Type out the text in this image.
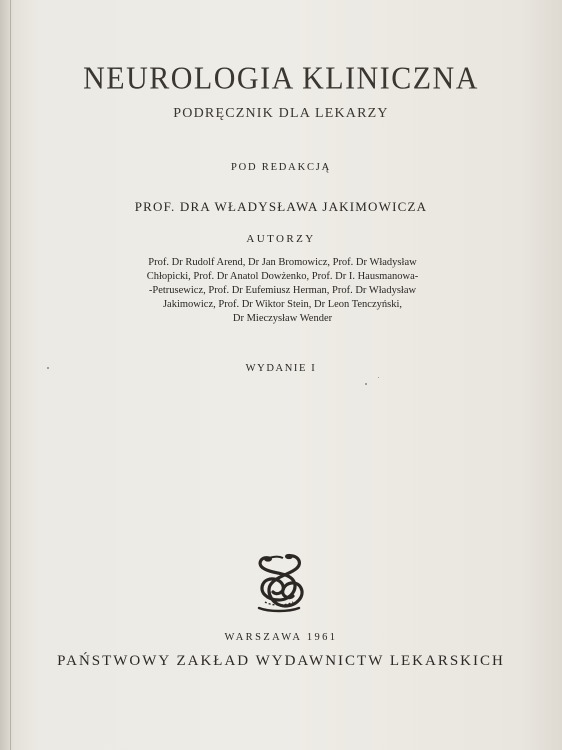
NEUROLOGIA KLINICZNA
PODRĘCZNIK DLA LEKARZY
POD REDAKCJĄ
PROF. DRA WŁADYSŁAWA JAKIMOWICZA
AUTORZY

Prof. Dr Rudolf Arend, Dr Jan Bromowicz, Prof. Dr Władysław
Chłopicki, Prof. Dr Anatol Dowżenko, Prof. Dr I. Hausmanowa-
-Petrusewicz, Prof. Dr Eufemiusz Herman, Prof. Dr Władysław
Jakimowicz, Prof. Dr Wiktor Stein, Dr Leon Tenczyński,
Dr Mieczysław Wender

WYDANIE I
WARSZAWA 1961
PAŃSTWOWY ZAKŁAD WYDAWNICTW LEKARSKICH
